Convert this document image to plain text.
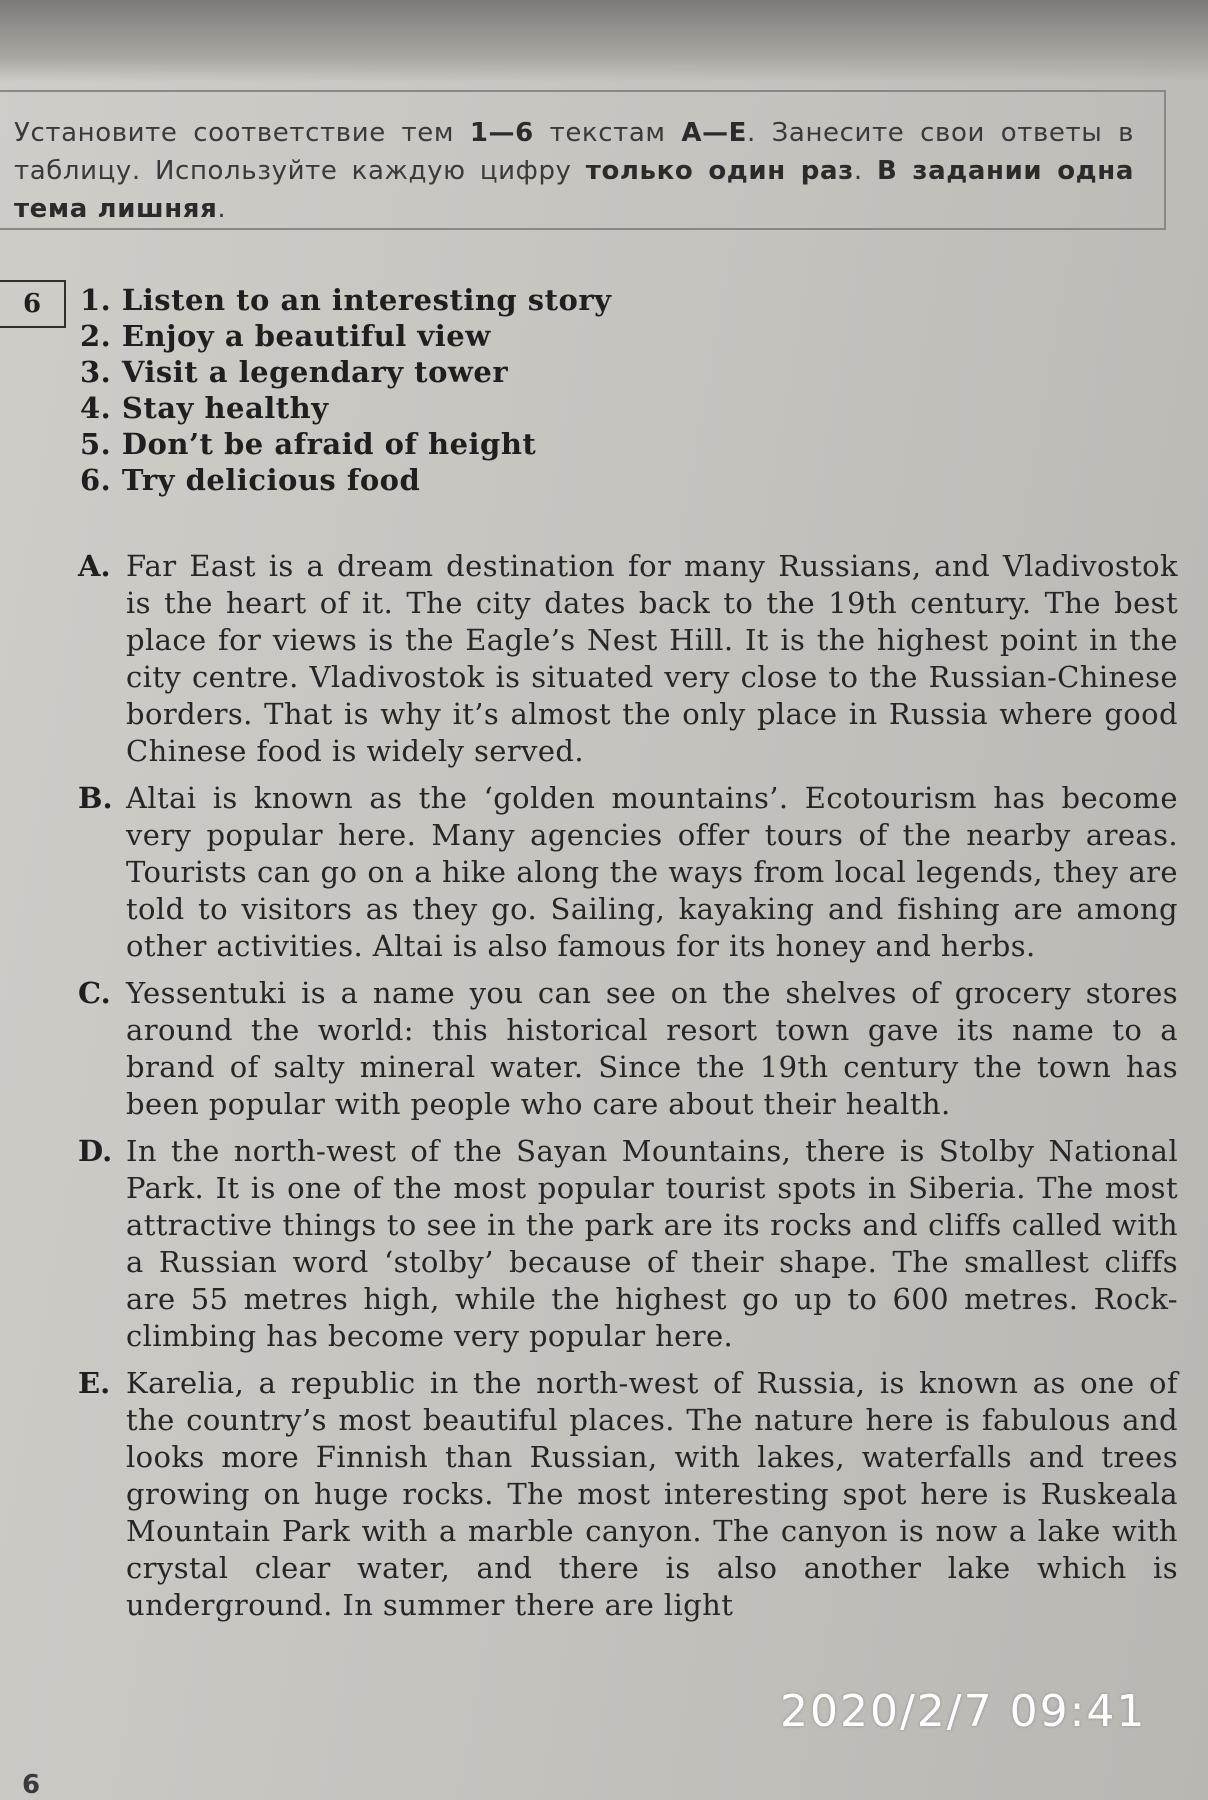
Установите соответствие тем 1—6 текстам А—Е. Занесите свои ответы в таблицу. Используйте каждую цифру только один раз. В задании одна тема лишняя.
6	1. Listen to an interesting story
2. Enjoy a beautiful view
3. Visit a legendary tower
4. Stay healthy
5. Don’t be afraid of height
6. Try delicious food
A. Far East is a dream destination for many Russians, and Vladivostok is the heart of it. The city dates back to the 19th century. The best place for views is the Eagle’s Nest Hill. It is the highest point in the city centre. Vladivostok is situated very close to the Russian-Chinese borders. That is why it’s almost the only place in Russia where good Chinese food is widely served.
B. Altai is known as the ‘golden mountains’. Ecotourism has become very popular here. Many agencies offer tours of the nearby areas. Tourists can go on a hike along the ways from local legends, they are told to visitors as they go. Sailing, kayaking and fishing are among other activities. Altai is also famous for its honey and herbs.
C. Yessentuki is a name you can see on the shelves of grocery stores around the world: this historical resort town gave its name to a brand of salty mineral water. Since the 19th century the town has been popular with people who care about their health.
D. In the north-west of the Sayan Mountains, there is Stolby National Park. It is one of the most popular tourist spots in Siberia. The most attractive things to see in the park are its rocks and cliffs called with a Russian word ‘stolby’ because of their shape. The smallest cliffs are 55 metres high, while the highest go up to 600 metres. Rock-climbing has become very popular here.
E. Karelia, a republic in the north-west of Russia, is known as one of the country’s most beautiful places. The nature here is fabulous and looks more Finnish than Russian, with lakes, waterfalls and trees growing on huge rocks. The most interesting spot here is Ruskeala Mountain Park with a marble canyon. The canyon is now a lake with crystal clear water, and there is also another lake which is underground. In summer there are light
2020/2/7 09:41
6
